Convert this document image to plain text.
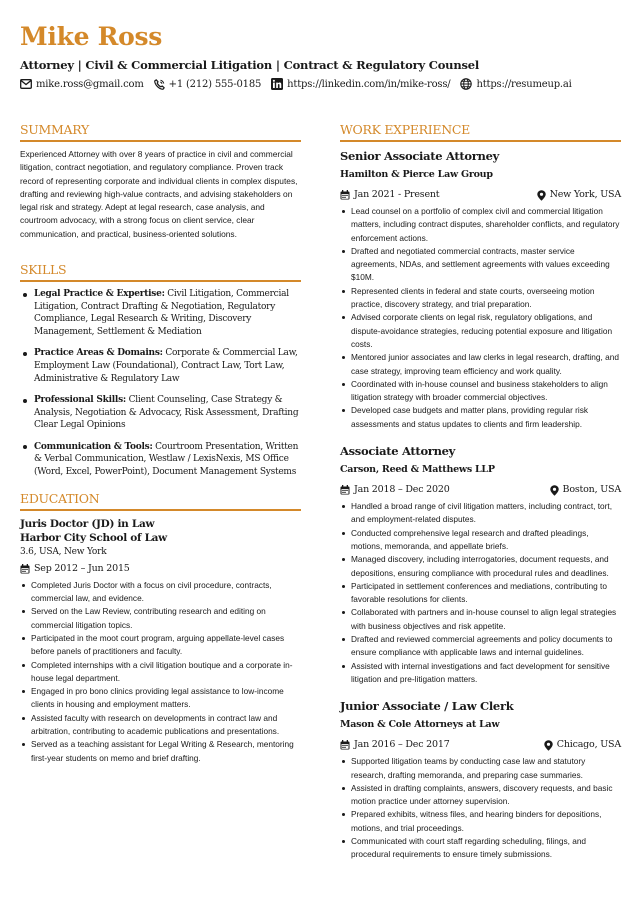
Mike Ross
Attorney | Civil & Commercial Litigation | Contract & Regulatory Counsel
mike.ross@gmail.com	+1 (212) 555-0185	https://linkedin.com/in/mike-ross/	https://resumeup.ai
SUMMARY

Experienced Attorney with over 8 years of practice in civil and commercial litigation, contract negotiation, and regulatory compliance. Proven track record of representing corporate and individual clients in complex disputes, drafting and reviewing high-value contracts, and advising stakeholders on legal risk and strategy. Adept at legal research, case analysis, and courtroom advocacy, with a strong focus on client service, clear communication, and practical, business-oriented solutions.

SKILLS
Legal Practice & Expertise: Civil Litigation, Commercial Litigation, Contract Drafting & Negotiation, Regulatory Compliance, Legal Research & Writing, Discovery Management, Settlement & Mediation
Practice Areas & Domains: Corporate & Commercial Law, Employment Law (Foundational), Contract Law, Tort Law, Administrative & Regulatory Law
Professional Skills: Client Counseling, Case Strategy & Analysis, Negotiation & Advocacy, Risk Assessment, Drafting Clear Legal Opinions
Communication & Tools: Courtroom Presentation, Written & Verbal Communication, Westlaw / LexisNexis, MS Office (Word, Excel, PowerPoint), Document Management Systems
EDUCATION
Juris Doctor (JD) in Law
Harbor City School of Law
3.6, USA, New York
Sep 2012 – Jun 2015
Completed Juris Doctor with a focus on civil procedure, contracts, commercial law, and evidence.
Served on the Law Review, contributing research and editing on commercial litigation topics.
Participated in the moot court program, arguing appellate-level cases before panels of practitioners and faculty.
Completed internships with a civil litigation boutique and a corporate in-house legal department.
Engaged in pro bono clinics providing legal assistance to low-income clients in housing and employment matters.
Assisted faculty with research on developments in contract law and arbitration, contributing to academic publications and presentations.
Served as a teaching assistant for Legal Writing & Research, mentoring first-year students on memo and brief drafting.
WORK EXPERIENCE
Senior Associate Attorney
Hamilton & Pierce Law Group
Jan 2021 - Present	New York, USA
Lead counsel on a portfolio of complex civil and commercial litigation matters, including contract disputes, shareholder conflicts, and regulatory enforcement actions.
Drafted and negotiated commercial contracts, master service agreements, NDAs, and settlement agreements with values exceeding $10M.
Represented clients in federal and state courts, overseeing motion practice, discovery strategy, and trial preparation.
Advised corporate clients on legal risk, regulatory obligations, and dispute-avoidance strategies, reducing potential exposure and litigation costs.
Mentored junior associates and law clerks in legal research, drafting, and case strategy, improving team efficiency and work quality.
Coordinated with in-house counsel and business stakeholders to align litigation strategy with broader commercial objectives.
Developed case budgets and matter plans, providing regular risk assessments and status updates to clients and firm leadership.
Associate Attorney
Carson, Reed & Matthews LLP
Jan 2018 – Dec 2020	Boston, USA
Handled a broad range of civil litigation matters, including contract, tort, and employment-related disputes.
Conducted comprehensive legal research and drafted pleadings, motions, memoranda, and appellate briefs.
Managed discovery, including interrogatories, document requests, and depositions, ensuring compliance with procedural rules and deadlines.
Participated in settlement conferences and mediations, contributing to favorable resolutions for clients.
Collaborated with partners and in-house counsel to align legal strategies with business objectives and risk appetite.
Drafted and reviewed commercial agreements and policy documents to ensure compliance with applicable laws and internal guidelines.
Assisted with internal investigations and fact development for sensitive litigation and pre-litigation matters.
Junior Associate / Law Clerk
Mason & Cole Attorneys at Law
Jan 2016 – Dec 2017	Chicago, USA
Supported litigation teams by conducting case law and statutory research, drafting memoranda, and preparing case summaries.
Assisted in drafting complaints, answers, discovery requests, and basic motion practice under attorney supervision.
Prepared exhibits, witness files, and hearing binders for depositions, motions, and trial proceedings.
Communicated with court staff regarding scheduling, filings, and procedural requirements to ensure timely submissions.
